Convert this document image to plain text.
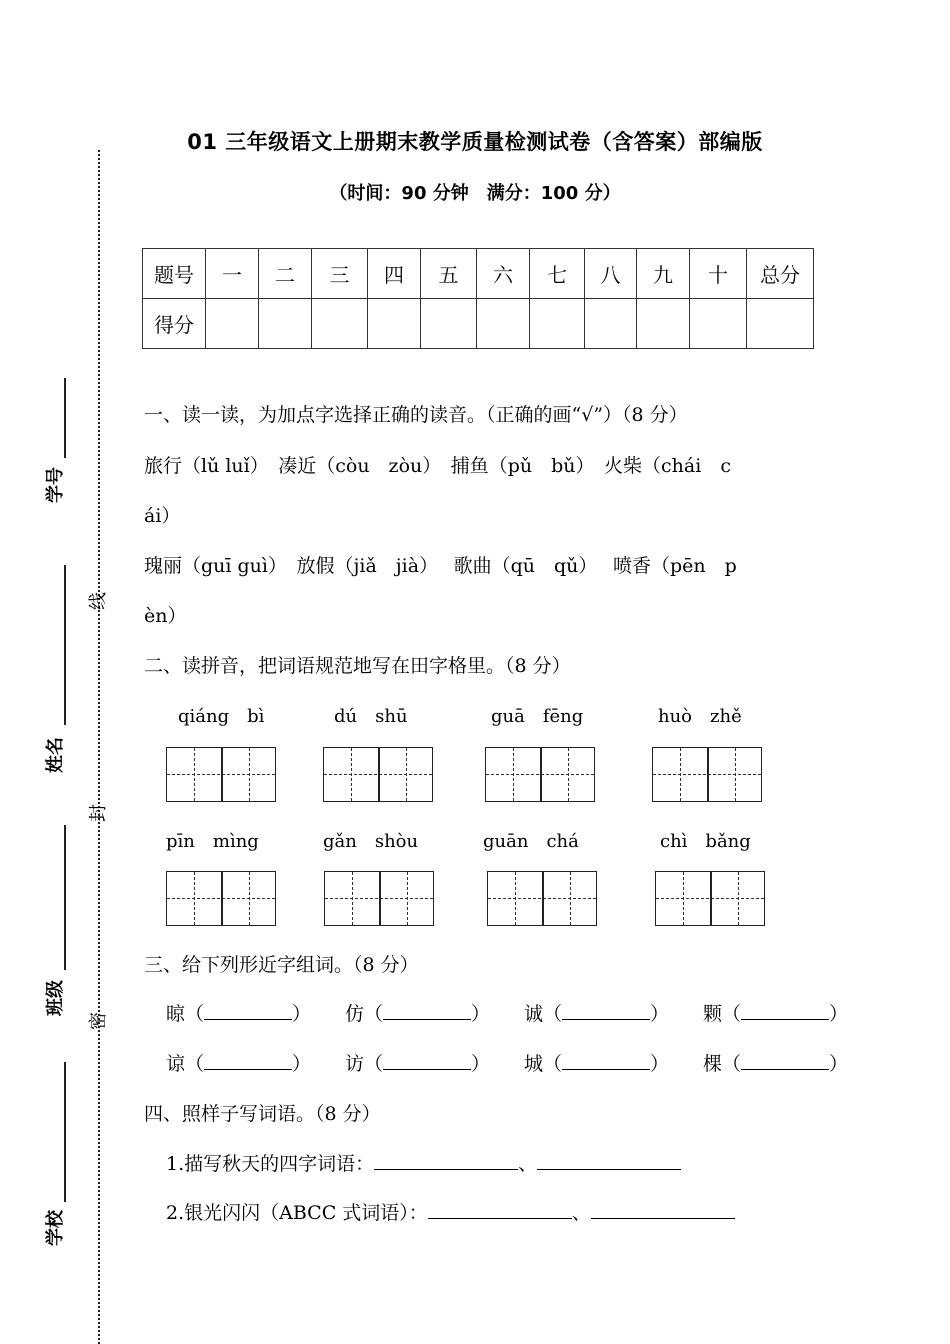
学号
姓名
班级
学校
线
封
密
01 三年级语文上册期末教学质量检测试卷（含答案）部编版
（时间：90 分钟　满分：100 分）
题号	一	二	三	四	五	六	七	八	九	十	总分
得分											
一、读一读，为加点字选择正确的读音。（正确的画“√”）（8 分）
旅行（lǔ luǐ）　凑近（còu　zòu）　捕鱼（pǔ　bǔ）　火柴（chái　c
ái）
瑰丽（guī guì）　放假（jiǎ　jià）　 歌曲（qū　qǔ）　 喷香（pēn　p
èn）
二、读拼音，把词语规范地写在田字格里。（8 分）
qiáng　bì	dú　shū	guā　fēng	huò　zhě
pīn　mìng	gǎn　shòu	guān　chá	chì　bǎng
三、给下列形近字组词。（8 分）
晾（	） 仿（	） 诚（	） 颗（	）
谅（	） 访（	） 城（	） 棵（	）
四、照样子写词语。（8 分）
1.描写秋天的四字词语：	、
2.银光闪闪（ABCC 式词语）：	、
